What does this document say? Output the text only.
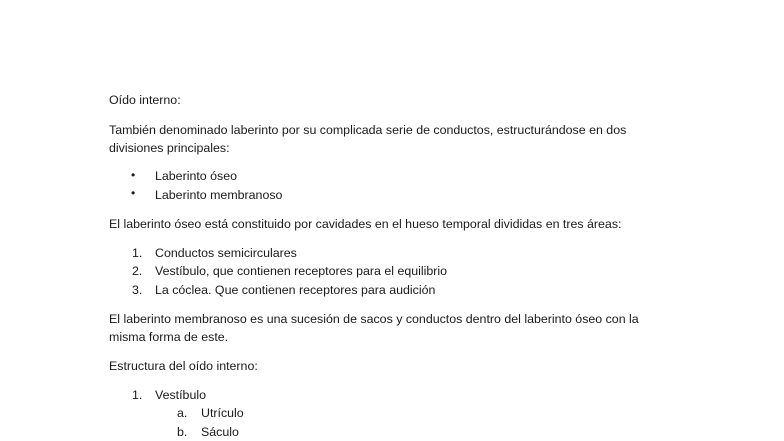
Oído interno:
También denominado laberinto por su complicada serie de conductos, estructurándose en dos
divisiones principales:
• Laberinto óseo
• Laberinto membranoso
El laberinto óseo está constituido por cavidades en el hueso temporal divididas en tres áreas:
1. Conductos semicirculares
2. Vestíbulo, que contienen receptores para el equilibrio
3. La cóclea. Que contienen receptores para audición
El laberinto membranoso es una sucesión de sacos y conductos dentro del laberinto óseo con la
misma forma de este.
Estructura del oído interno:
1. Vestíbulo
a. Utrículo
b. Sáculo
